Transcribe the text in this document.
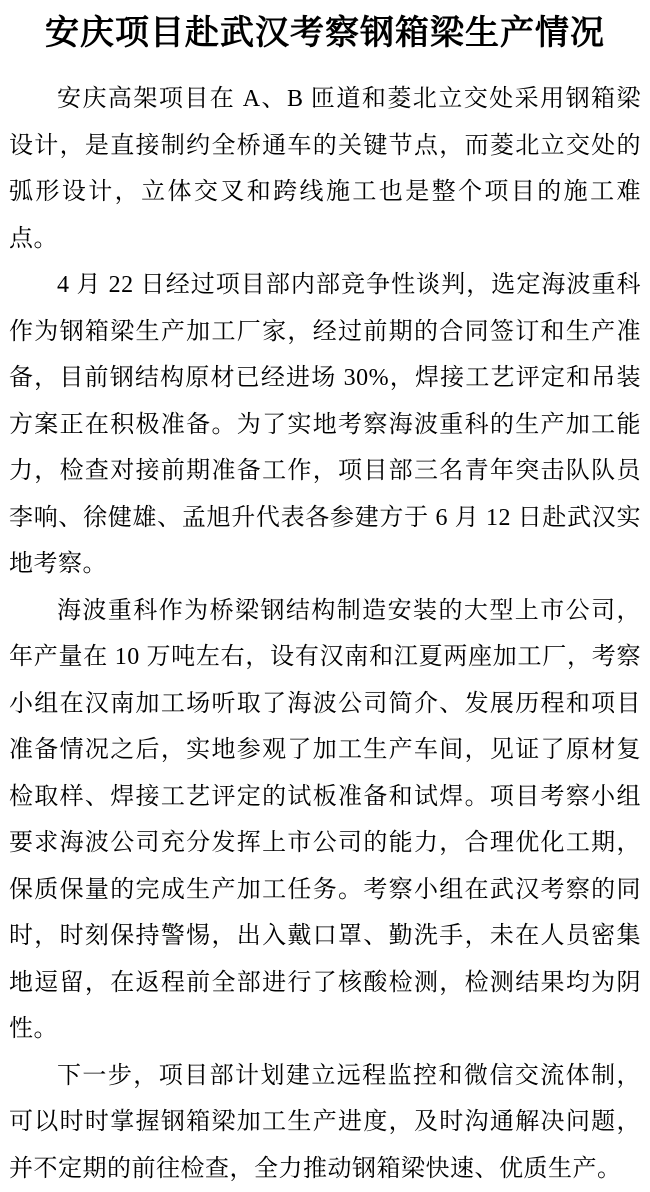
安庆项目赴武汉考察钢箱梁生产情况

安庆高架项目在 A、B 匝道和菱北立交处采用钢箱梁设计，是直接制约全桥通车的关键节点，而菱北立交处的弧形设计，立体交叉和跨线施工也是整个项目的施工难点。

4 月 22 日经过项目部内部竞争性谈判，选定海波重科作为钢箱梁生产加工厂家，经过前期的合同签订和生产准备，目前钢结构原材已经进场 30%，焊接工艺评定和吊装方案正在积极准备。为了实地考察海波重科的生产加工能力，检查对接前期准备工作，项目部三名青年突击队队员李响、徐健雄、孟旭升代表各参建方于 6 月 12 日赴武汉实地考察。

海波重科作为桥梁钢结构制造安装的大型上市公司，年产量在 10 万吨左右，设有汉南和江夏两座加工厂，考察小组在汉南加工场听取了海波公司简介、发展历程和项目准备情况之后，实地参观了加工生产车间，见证了原材复检取样、焊接工艺评定的试板准备和试焊。项目考察小组要求海波公司充分发挥上市公司的能力，合理优化工期，保质保量的完成生产加工任务。考察小组在武汉考察的同时，时刻保持警惕，出入戴口罩、勤洗手，未在人员密集地逗留，在返程前全部进行了核酸检测，检测结果均为阴性。

下一步，项目部计划建立远程监控和微信交流体制，可以时时掌握钢箱梁加工生产进度，及时沟通解决问题，并不定期的前往检查，全力推动钢箱梁快速、优质生产。
